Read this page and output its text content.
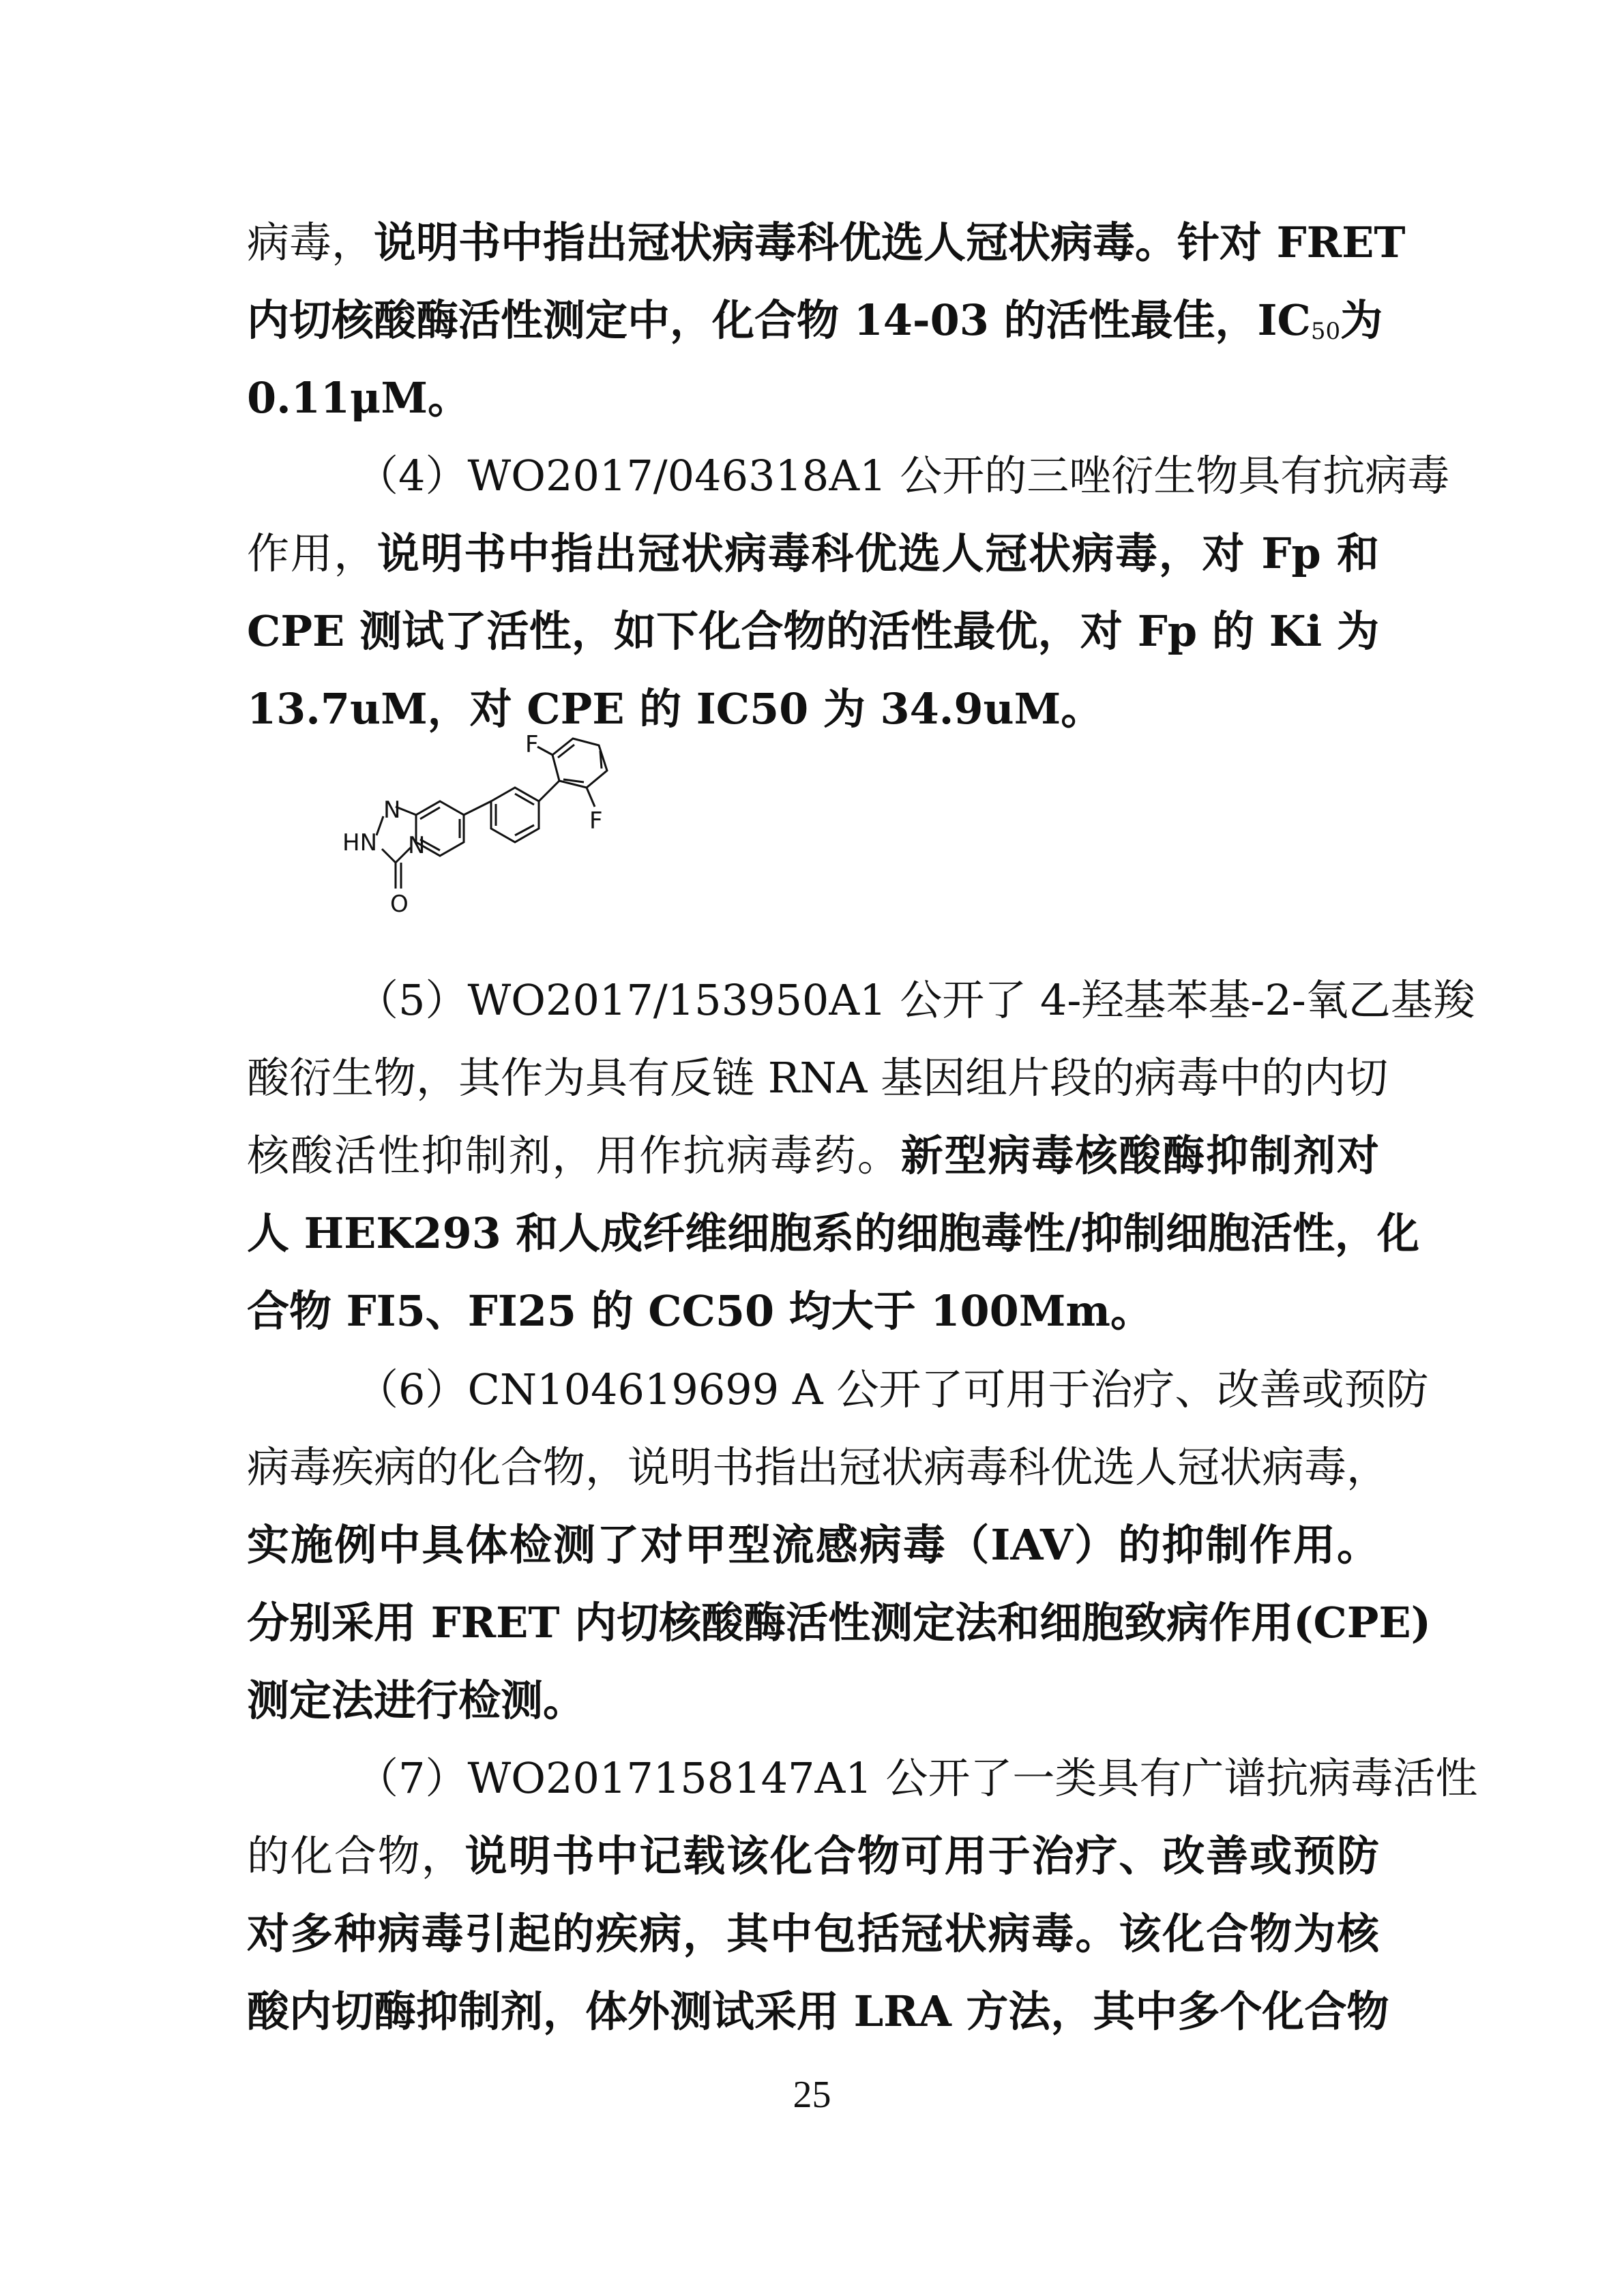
病毒，说明书中指出冠状病毒科优选人冠状病毒。针对 FRET
内切核酸酶活性测定中，化合物 14-03 的活性最佳，$IC_{50}$为
0.11μM。
（4）WO2017/046318A1 公开的三唑衍生物具有抗病毒
作用，说明书中指出冠状病毒科优选人冠状病毒，对 Fp 和
CPE 测试了活性，如下化合物的活性最优，对 Fp 的 Ki 为
13.7uM，对 CPE 的 IC50 为 34.9uM。
F
F
N
HN N
O
（5）WO2017/153950A1 公开了 4-羟基苯基-2-氧乙基羧
酸衍生物，其作为具有反链 RNA 基因组片段的病毒中的内切
核酸活性抑制剂，用作抗病毒药。新型病毒核酸酶抑制剂对
人 HEK293 和人成纤维细胞系的细胞毒性/抑制细胞活性，化
合物 FI5、FI25 的 CC50 均大于 100Mm。
（6）CN104619699 A 公开了可用于治疗、改善或预防
病毒疾病的化合物，说明书指出冠状病毒科优选人冠状病毒，
实施例中具体检测了对甲型流感病毒（IAV）的抑制作用。
分别采用 FRET 内切核酸酶活性测定法和细胞致病作用(CPE)
测定法进行检测。
（7）WO2017158147A1 公开了一类具有广谱抗病毒活性
的化合物，说明书中记载该化合物可用于治疗、改善或预防
对多种病毒引起的疾病，其中包括冠状病毒。该化合物为核
酸内切酶抑制剂，体外测试采用 LRA 方法，其中多个化合物
25
